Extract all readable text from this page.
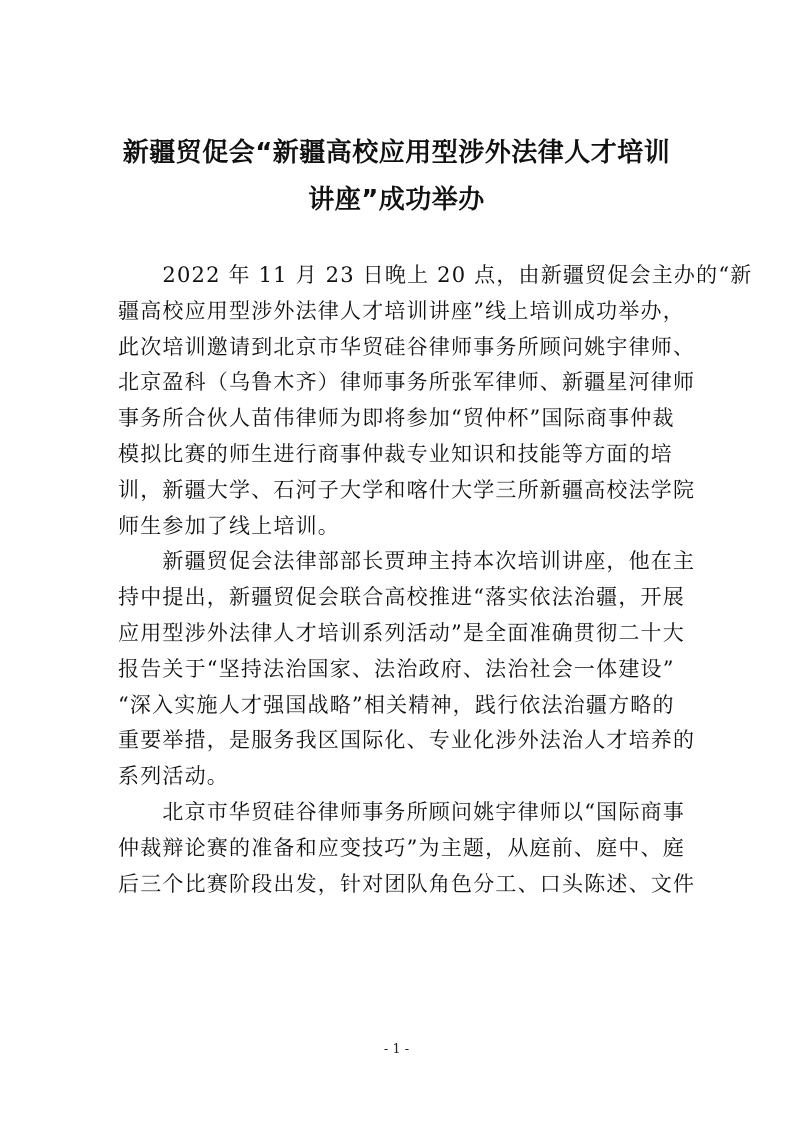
新疆贸促会“新疆高校应用型涉外法律人才培训
讲座”成功举办

　　2022 年 11 月 23 日晚上 20 点，由新疆贸促会主办的“新
疆高校应用型涉外法律人才培训讲座”线上培训成功举办，
此次培训邀请到北京市华贸硅谷律师事务所顾问姚宇律师、
北京盈科（乌鲁木齐）律师事务所张军律师、新疆星河律师
事务所合伙人苗伟律师为即将参加“贸仲杯”国际商事仲裁
模拟比赛的师生进行商事仲裁专业知识和技能等方面的培
训，新疆大学、石河子大学和喀什大学三所新疆高校法学院
师生参加了线上培训。

　　新疆贸促会法律部部长贾珅主持本次培训讲座，他在主
持中提出，新疆贸促会联合高校推进“落实依法治疆，开展
应用型涉外法律人才培训系列活动”是全面准确贯彻二十大
报告关于“坚持法治国家、法治政府、法治社会一体建设”
“深入实施人才强国战略”相关精神，践行依法治疆方略的
重要举措，是服务我区国际化、专业化涉外法治人才培养的
系列活动。

　　北京市华贸硅谷律师事务所顾问姚宇律师以“国际商事
仲裁辩论赛的准备和应变技巧”为主题，从庭前、庭中、庭
后三个比赛阶段出发，针对团队角色分工、口头陈述、文件

- 1 -
